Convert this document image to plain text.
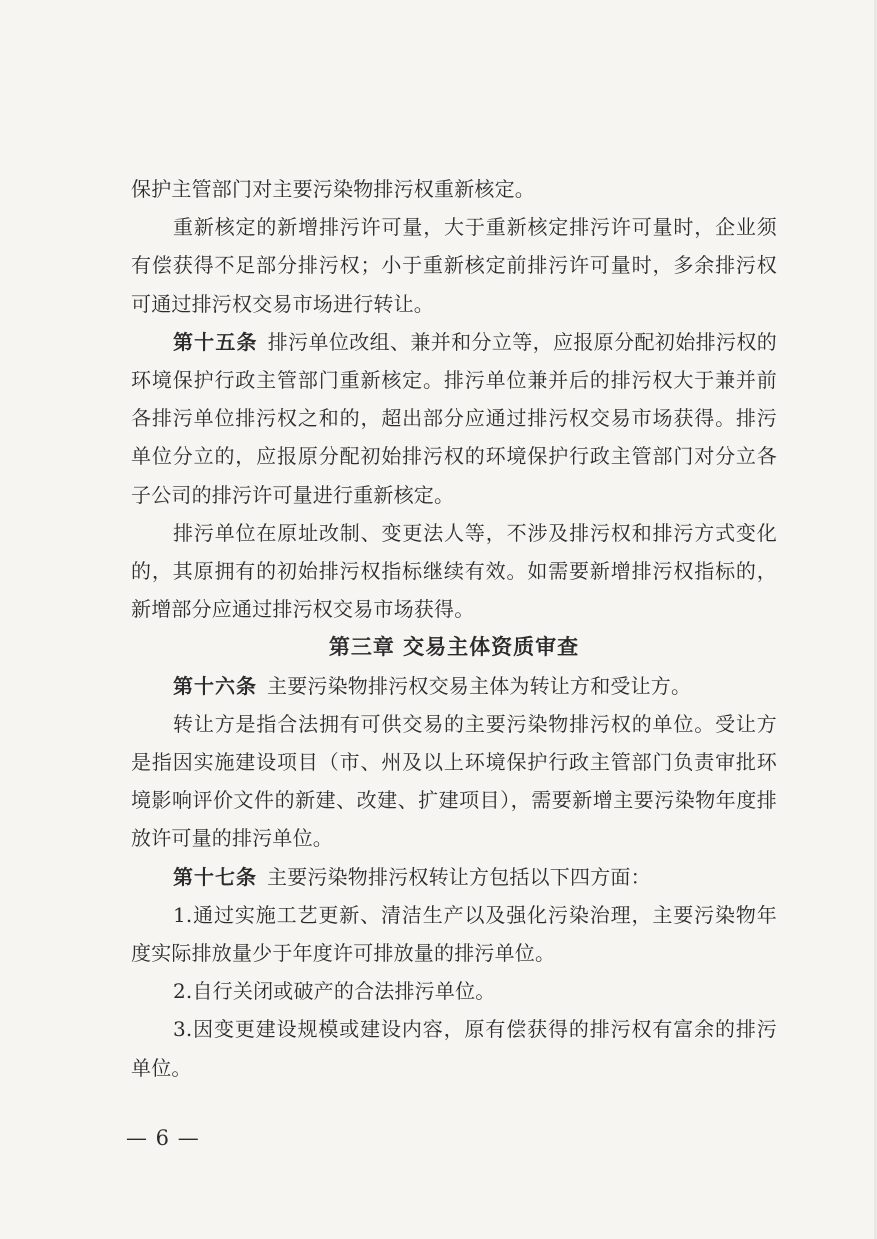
保护主管部门对主要污染物排污权重新核定。

重新核定的新增排污许可量，大于重新核定排污许可量时，企业须有偿获得不足部分排污权；小于重新核定前排污许可量时，多余排污权可通过排污权交易市场进行转让。

第十五条 排污单位改组、兼并和分立等，应报原分配初始排污权的环境保护行政主管部门重新核定。排污单位兼并后的排污权大于兼并前各排污单位排污权之和的，超出部分应通过排污权交易市场获得。排污单位分立的，应报原分配初始排污权的环境保护行政主管部门对分立各子公司的排污许可量进行重新核定。

排污单位在原址改制、变更法人等，不涉及排污权和排污方式变化的，其原拥有的初始排污权指标继续有效。如需要新增排污权指标的，新增部分应通过排污权交易市场获得。

第三章 交易主体资质审查

第十六条 主要污染物排污权交易主体为转让方和受让方。

转让方是指合法拥有可供交易的主要污染物排污权的单位。受让方是指因实施建设项目（市、州及以上环境保护行政主管部门负责审批环境影响评价文件的新建、改建、扩建项目），需要新增主要污染物年度排放许可量的排污单位。

第十七条 主要污染物排污权转让方包括以下四方面：

1.通过实施工艺更新、清洁生产以及强化污染治理，主要污染物年度实际排放量少于年度许可排放量的排污单位。

2.自行关闭或破产的合法排污单位。

3.因变更建设规模或建设内容，原有偿获得的排污权有富余的排污单位。

— 6 —
